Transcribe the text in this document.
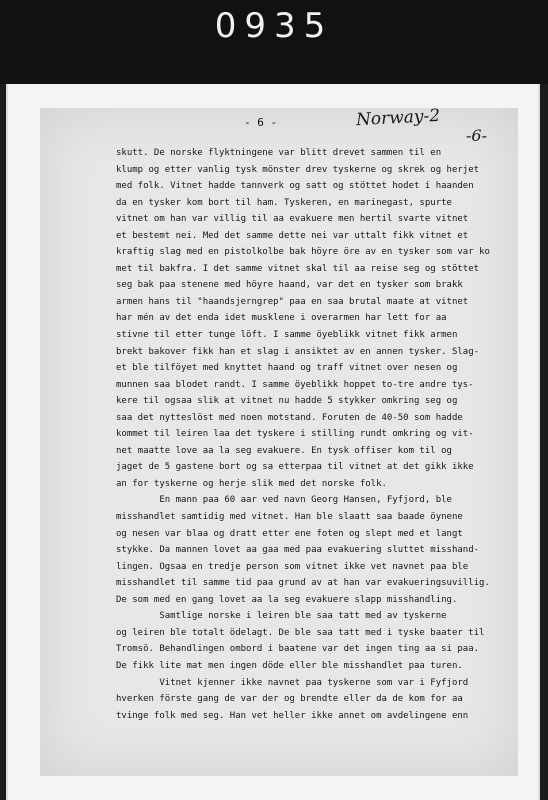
0935
- 6 -	Norway-2
-6-
skutt. De norske flyktningene var blitt drevet sammen til en
klump og etter vanlig tysk mönster drev tyskerne og skrek og herjet
med folk. Vitnet hadde tannverk og satt og stöttet hodet i haanden
da en tysker kom bort til ham. Tyskeren, en marinegast, spurte
vitnet om han var villig til aa evakuere men hertil svarte vitnet
et bestemt nei. Med det samme dette nei var uttalt fikk vitnet et
kraftig slag med en pistolkolbe bak höyre öre av en tysker som var ko
met til bakfra. I det samme vitnet skal til aa reise seg og stöttet
seg bak paa stenene med höyre haand, var det en tysker som brakk
armen hans til "haandsjerngrep" paa en saa brutal maate at vitnet
har mén av det enda idet musklene i overarmen har lett for aa
stivne til etter tunge löft. I samme öyeblikk vitnet fikk armen
brekt bakover fikk han et slag i ansiktet av en annen tysker. Slag-
et ble tilföyet med knyttet haand og traff vitnet over nesen og
munnen saa blodet randt. I samme öyeblikk hoppet to-tre andre tys-
kere til ogsaa slik at vitnet nu hadde 5 stykker omkring seg og
saa det nytteslöst med noen motstand. Foruten de 40-50 som hadde
kommet til leiren laa det tyskere i stilling rundt omkring og vit-
net maatte love aa la seg evakuere. En tysk offiser kom til og
jaget de 5 gastene bort og sa etterpaa til vitnet at det gikk ikke
an for tyskerne og herje slik med det norske folk.
En mann paa 60 aar ved navn Georg Hansen, Fyfjord, ble
misshandlet samtidig med vitnet. Han ble slaatt saa baade öynene
og nesen var blaa og dratt etter ene foten og slept med et langt
stykke. Da mannen lovet aa gaa med paa evakuering sluttet misshand-
lingen. Ogsaa en tredje person som vitnet ikke vet navnet paa ble
misshandlet til samme tid paa grund av at han var evakueringsuvillig.
De som med en gang lovet aa la seg evakuere slapp misshandling.
Samtlige norske i leiren ble saa tatt med av tyskerne
og leiren ble totalt ödelagt. De ble saa tatt med i tyske baater til
Tromsö. Behandlingen ombord i baatene var det ingen ting aa si paa.
De fikk lite mat men ingen döde eller ble misshandlet paa turen.
Vitnet kjenner ikke navnet paa tyskerne som var i Fyfjord
hverken förste gang de var der og brendte eller da de kom for aa
tvinge folk med seg. Han vet heller ikke annet om avdelingene enn
